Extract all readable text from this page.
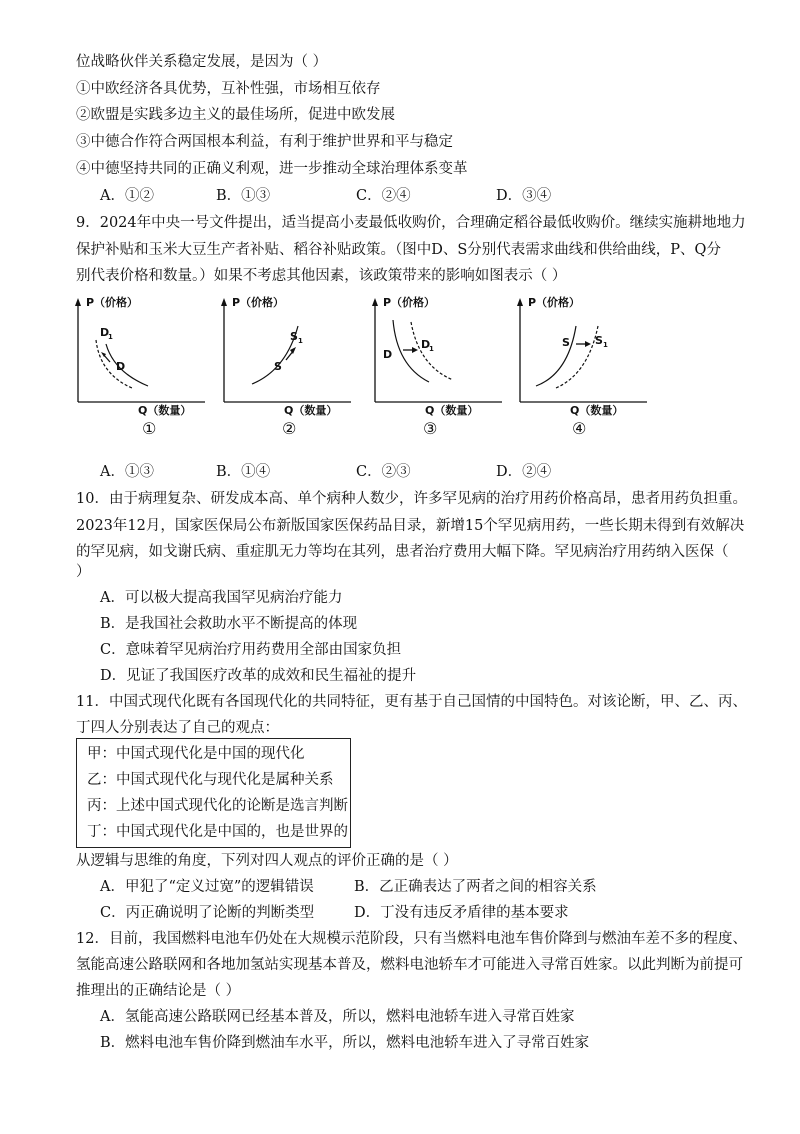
位战略伙伴关系稳定发展，是因为（ ）
①中欧经济各具优势，互补性强，市场相互依存
②欧盟是实践多边主义的最佳场所，促进中欧发展
③中德合作符合两国根本利益，有利于维护世界和平与稳定
④中德坚持共同的正确义利观，进一步推动全球治理体系变革
A．①②	B．①③	C．②④	D．③④
9．2024年中央一号文件提出，适当提高小麦最低收购价，合理确定稻谷最低收购价。继续实施耕地地力
保护补贴和玉米大豆生产者补贴、稻谷补贴政策。（图中D、S分别代表需求曲线和供给曲线，P、Q分
别代表价格和数量。）如果不考虑其他因素，该政策带来的影响如图表示（ ）
P（价格）
D
1
D
Q（数量）
①
P（价格）
S 1
S
Q（数量）
②
P（价格）
D
D
1
Q（数量）
③
P（价格）
S S 1
Q（数量）
④
A．①③	B．①④	C．②③	D．②④
10．由于病理复杂、研发成本高、单个病种人数少，许多罕见病的治疗用药价格高昂，患者用药负担重。
2023年12月，国家医保局公布新版国家医保药品目录，新增15个罕见病用药，一些长期未得到有效解决
的罕见病，如戈谢氏病、重症肌无力等均在其列，患者治疗费用大幅下降。罕见病治疗用药纳入医保（
）
A．可以极大提高我国罕见病治疗能力
B．是我国社会救助水平不断提高的体现
C．意味着罕见病治疗用药费用全部由国家负担
D．见证了我国医疗改革的成效和民生福祉的提升
11．中国式现代化既有各国现代化的共同特征，更有基于自己国情的中国特色。对该论断，甲、乙、丙、
丁四人分别表达了自己的观点：
甲：中国式现代化是中国的现代化
乙：中国式现代化与现代化是属种关系
丙：上述中国式现代化的论断是选言判断
丁：中国式现代化是中国的，也是世界的
从逻辑与思维的角度，下列对四人观点的评价正确的是（ ）
A．甲犯了“定义过宽”的逻辑错误	B．乙正确表达了两者之间的相容关系
C．丙正确说明了论断的判断类型	D．丁没有违反矛盾律的基本要求
12．目前，我国燃料电池车仍处在大规模示范阶段，只有当燃料电池车售价降到与燃油车差不多的程度、
氢能高速公路联网和各地加氢站实现基本普及，燃料电池轿车才可能进入寻常百姓家。以此判断为前提可
推理出的正确结论是（ ）
A．氢能高速公路联网已经基本普及，所以，燃料电池轿车进入寻常百姓家
B．燃料电池车售价降到燃油车水平，所以，燃料电池轿车进入了寻常百姓家
